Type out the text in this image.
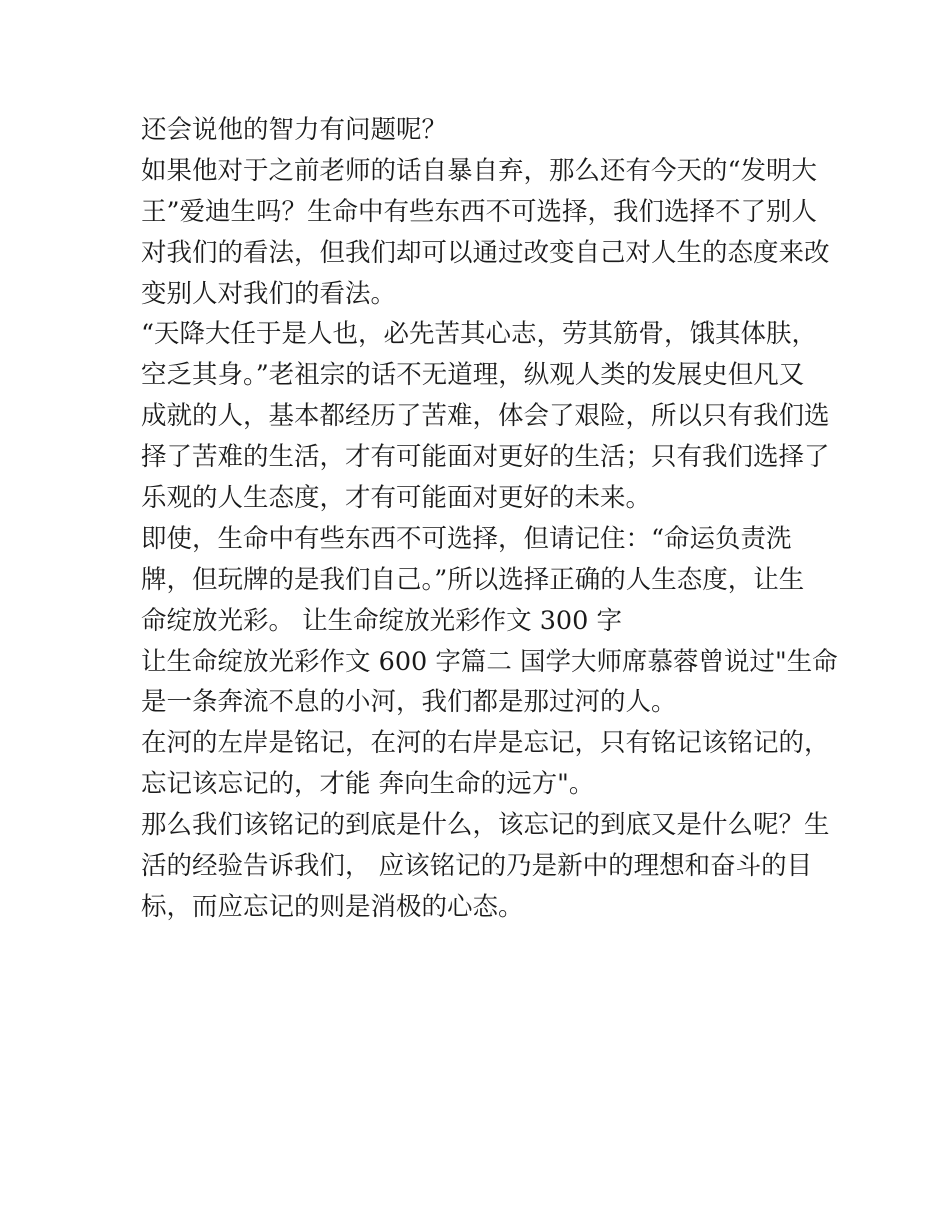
还会说他的智力有问题呢？
如果他对于之前老师的话自暴自弃，那么还有今天的“发明大
王”爱迪生吗？生命中有些东西不可选择，我们选择不了别人
对我们的看法，但我们却可以通过改变自己对人生的态度来改
变别人对我们的看法。
“天降大任于是人也，必先苦其心志，劳其筋骨，饿其体肤，
空乏其身。”老祖宗的话不无道理，纵观人类的发展史但凡又
成就的人，基本都经历了苦难，体会了艰险，所以只有我们选
择了苦难的生活，才有可能面对更好的生活；只有我们选择了
乐观的人生态度，才有可能面对更好的未来。
即使，生命中有些东西不可选择，但请记住：“命运负责洗
牌，但玩牌的是我们自己。”所以选择正确的人生态度，让生
命绽放光彩。 让生命绽放光彩作文 300 字
让生命绽放光彩作文 600 字篇二 国学大师席慕蓉曾说过"生命
是一条奔流不息的小河，我们都是那过河的人。
在河的左岸是铭记，在河的右岸是忘记，只有铭记该铭记的，
忘记该忘记的，才能 奔向生命的远方"。
那么我们该铭记的到底是什么，该忘记的到底又是什么呢？生
活的经验告诉我们， 应该铭记的乃是新中的理想和奋斗的目
标，而应忘记的则是消极的心态。
